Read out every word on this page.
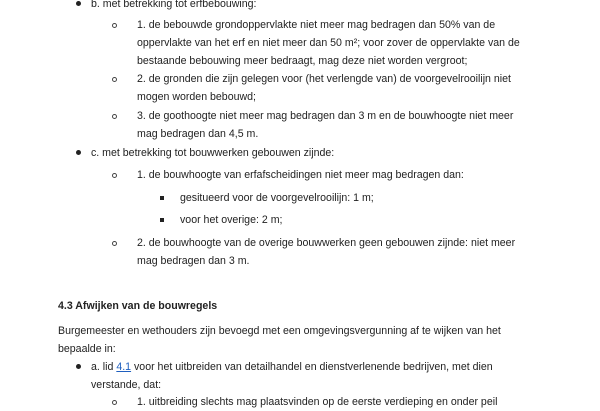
b. met betrekking tot erfbebouwing:
1. de bebouwde grondoppervlakte niet meer mag bedragen dan 50% van de
oppervlakte van het erf en niet meer dan 50 m²; voor zover de oppervlakte van de
bestaande bebouwing meer bedraagt, mag deze niet worden vergroot;
2. de gronden die zijn gelegen voor (het verlengde van) de voorgevelrooilijn niet
mogen worden bebouwd;
3. de goothoogte niet meer mag bedragen dan 3 m en de bouwhoogte niet meer
mag bedragen dan 4,5 m.
c. met betrekking tot bouwwerken gebouwen zijnde:
1. de bouwhoogte van erfafscheidingen niet meer mag bedragen dan:
gesitueerd voor de voorgevelrooilijn: 1 m;
voor het overige: 2 m;
2. de bouwhoogte van de overige bouwwerken geen gebouwen zijnde: niet meer
mag bedragen dan 3 m.
4.3 Afwijken van de bouwregels
Burgemeester en wethouders zijn bevoegd met een omgevingsvergunning af te wijken van het
bepaalde in:
a. lid 4.1 voor het uitbreiden van detailhandel en dienstverlenende bedrijven, met dien
verstande, dat:
1. uitbreiding slechts mag plaatsvinden op de eerste verdieping en onder peil
